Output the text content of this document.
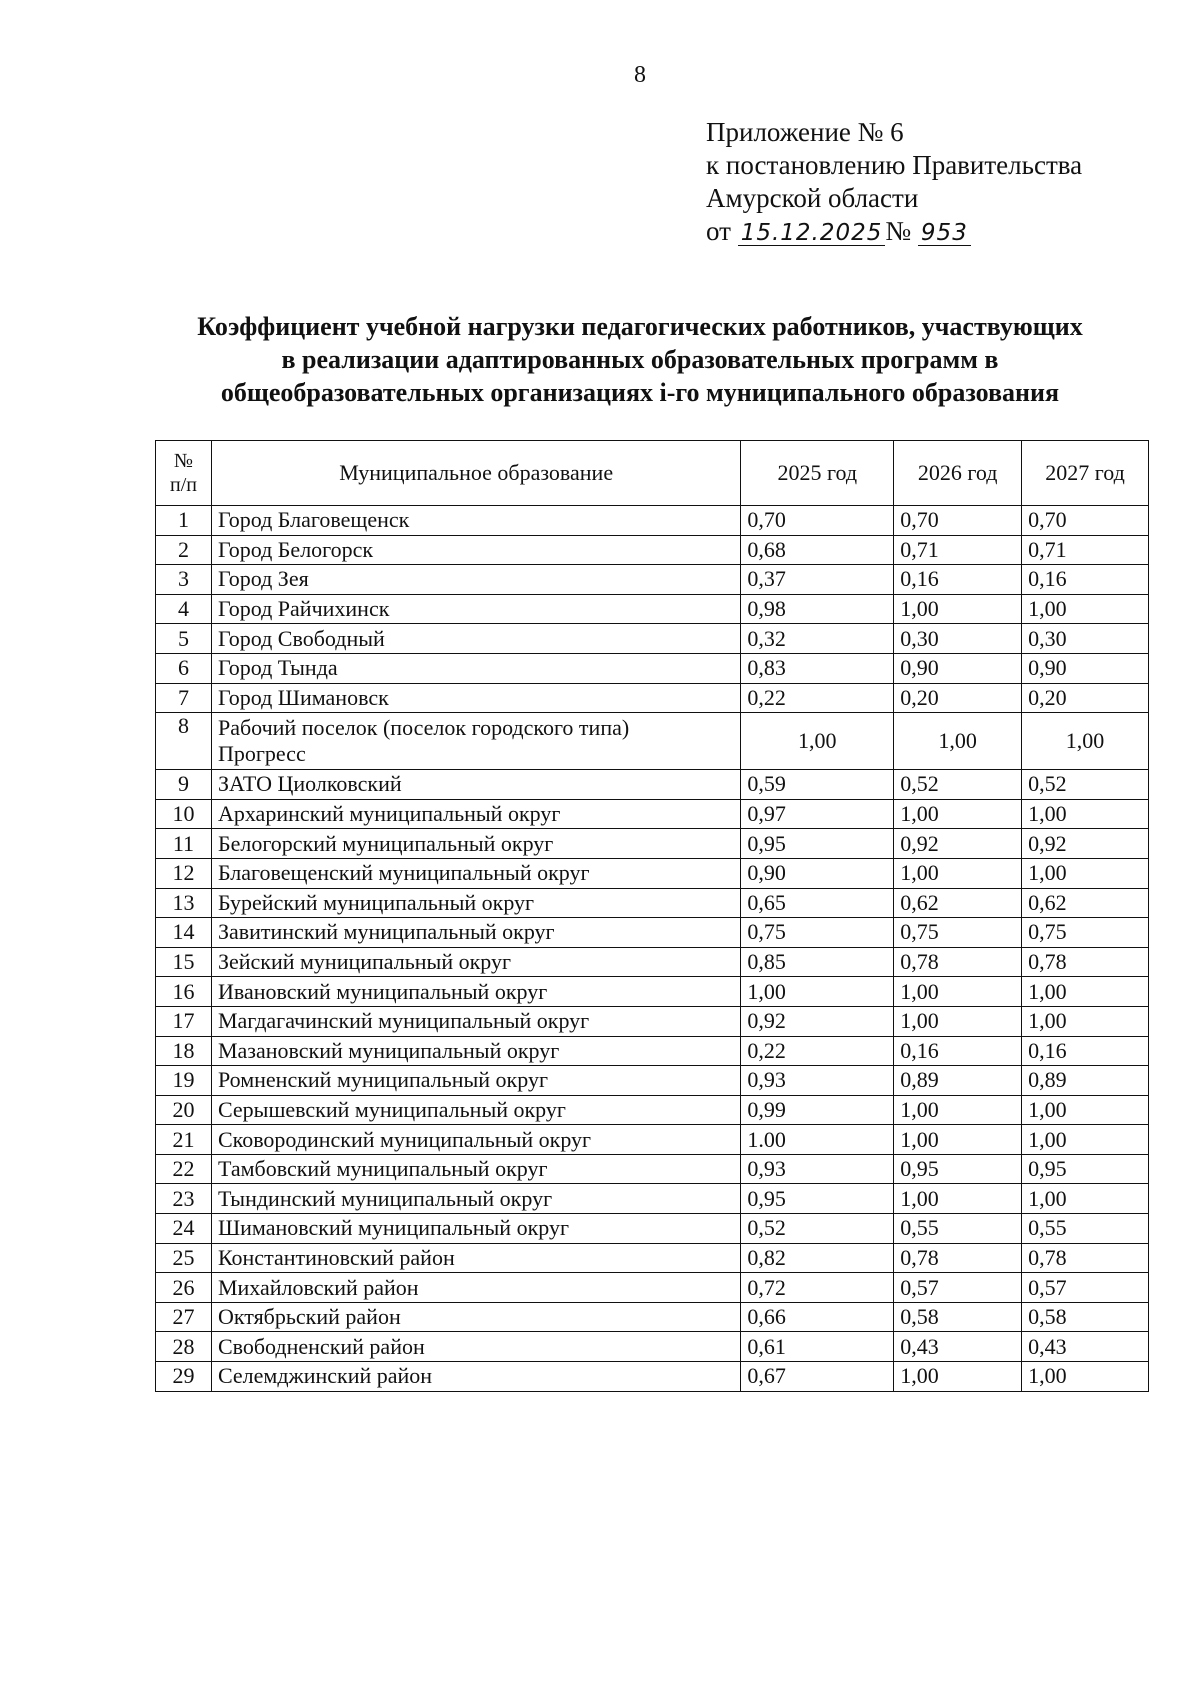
8
Приложение № 6
к постановлению Правительства
Амурской области
от 15.12.2025 № 953
Коэффициент учебной нагрузки педагогических работников, участвующих
в реализации адаптированных образовательных программ в
общеобразовательных организациях i-го муниципального образования
№
п/п	Муниципальное образование	2025 год	2026 год	2027 год
1	Город Благовещенск	0,70	0,70	0,70
2	Город Белогорск	0,68	0,71	0,71
3	Город Зея	0,37	0,16	0,16
4	Город Райчихинск	0,98	1,00	1,00
5	Город Свободный	0,32	0,30	0,30
6	Город Тында	0,83	0,90	0,90
7	Город Шимановск	0,22	0,20	0,20
8	Рабочий поселок (поселок городского типа)
Прогресс	1,00	1,00	1,00
9	ЗАТО Циолковский	0,59	0,52	0,52
10	Архаринский муниципальный округ	0,97	1,00	1,00
11	Белогорский муниципальный округ	0,95	0,92	0,92
12	Благовещенский муниципальный округ	0,90	1,00	1,00
13	Бурейский муниципальный округ	0,65	0,62	0,62
14	Завитинский муниципальный округ	0,75	0,75	0,75
15	Зейский муниципальный округ	0,85	0,78	0,78
16	Ивановский муниципальный округ	1,00	1,00	1,00
17	Магдагачинский муниципальный округ	0,92	1,00	1,00
18	Мазановский муниципальный округ	0,22	0,16	0,16
19	Ромненский муниципальный округ	0,93	0,89	0,89
20	Серышевский муниципальный округ	0,99	1,00	1,00
21	Сковородинский муниципальный округ	1.00	1,00	1,00
22	Тамбовский муниципальный округ	0,93	0,95	0,95
23	Тындинский муниципальный округ	0,95	1,00	1,00
24	Шимановский муниципальный округ	0,52	0,55	0,55
25	Константиновский район	0,82	0,78	0,78
26	Михайловский район	0,72	0,57	0,57
27	Октябрьский район	0,66	0,58	0,58
28	Свободненский район	0,61	0,43	0,43
29	Селемджинский район	0,67	1,00	1,00
